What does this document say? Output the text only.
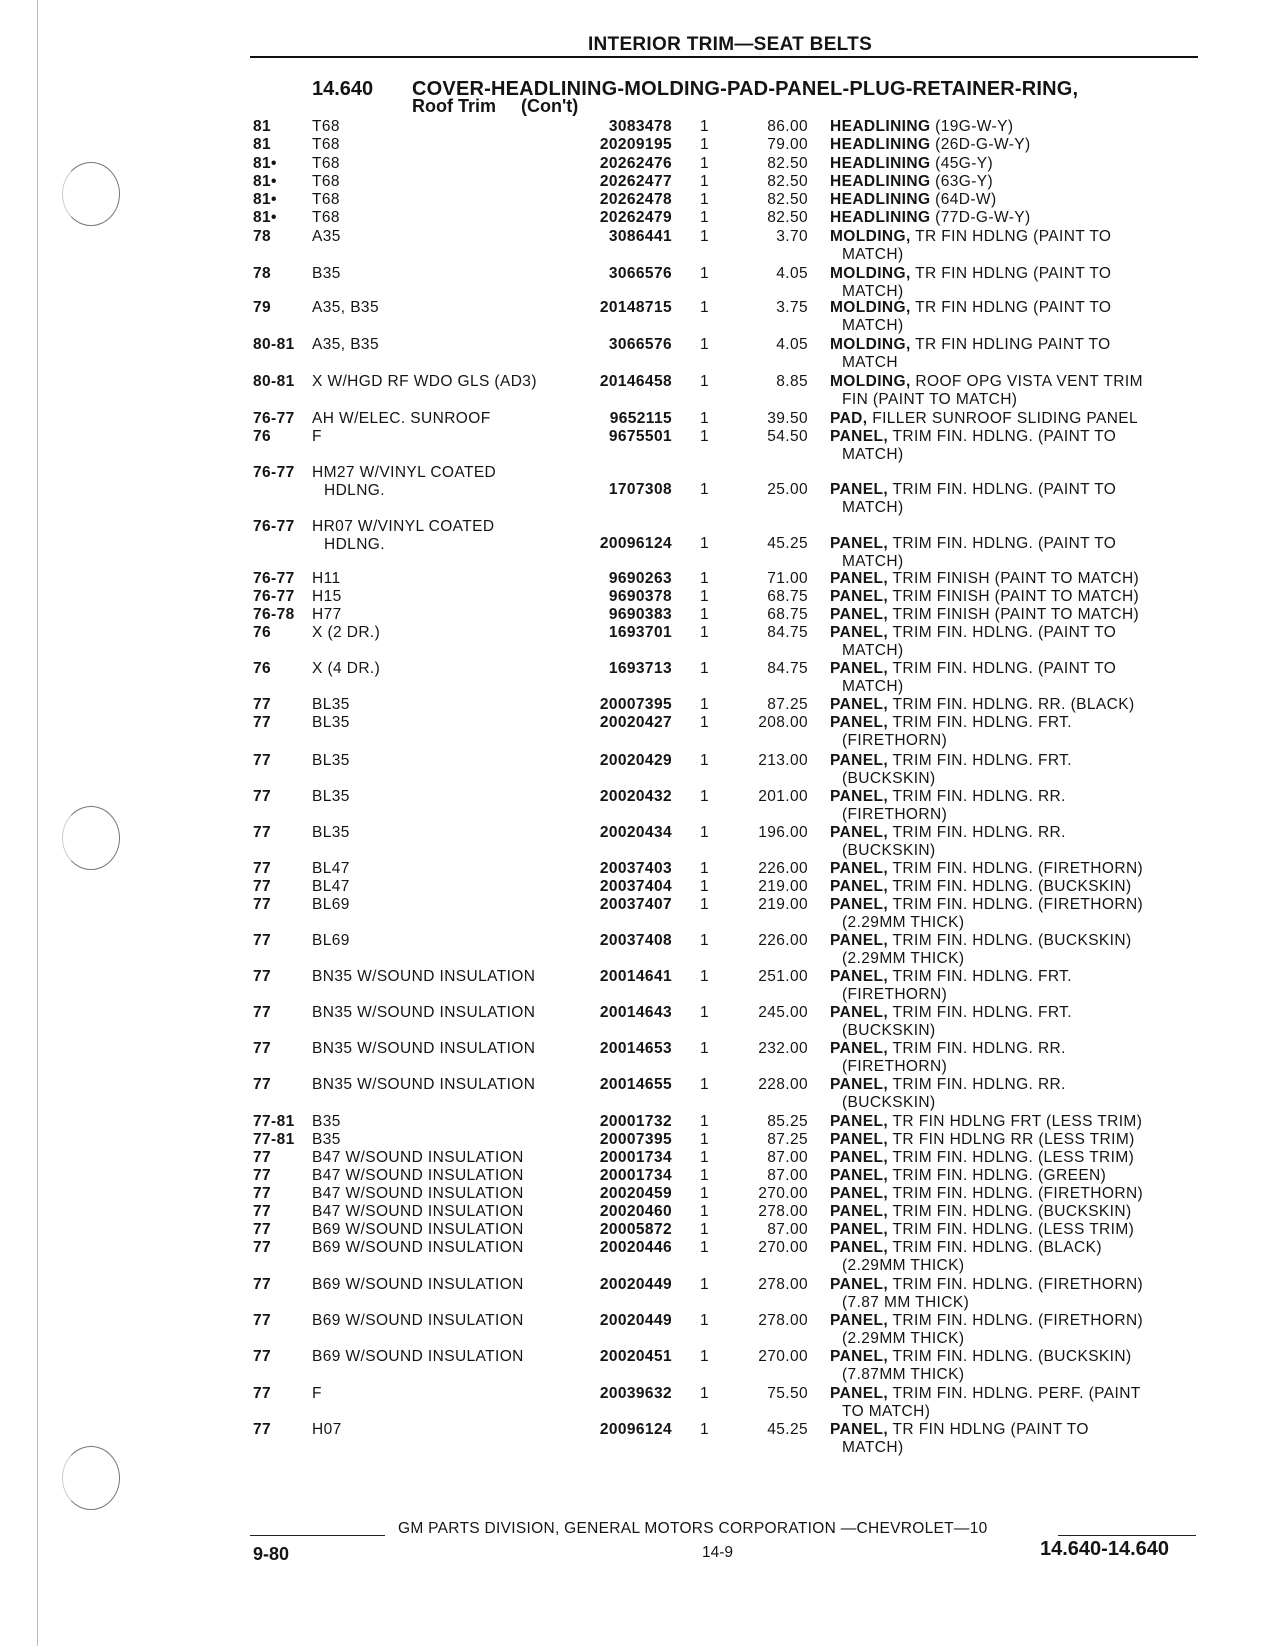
INTERIOR TRIM—SEAT BELTS
14.640 COVER-HEADLINING-MOLDING-PAD-PANEL-PLUG-RETAINER-RING,
Roof Trim     (Con't)
81	T68	3083478 1	86.00 HEADLINING (19G-W-Y)
81	T68	20209195 1	79.00 HEADLINING (26D-G-W-Y)
81• T68	20262476 1	82.50 HEADLINING (45G-Y)
81• T68	20262477 1	82.50 HEADLINING (63G-Y)
81• T68	20262478 1	82.50 HEADLINING (64D-W)
81• T68	20262479 1	82.50 HEADLINING (77D-G-W-Y)
78	A35	3086441 1	3.70 MOLDING, TR FIN HDLNG (PAINT TO
MATCH)
78	B35	3066576 1	4.05 MOLDING, TR FIN HDLNG (PAINT TO
MATCH)
79	A35, B35	20148715 1	3.75 MOLDING, TR FIN HDLNG (PAINT TO
MATCH)
80-81 A35, B35	3066576 1	4.05 MOLDING, TR FIN HDLING PAINT TO
MATCH
80-81 X W/HGD RF WDO GLS (AD3)	20146458 1	8.85 MOLDING, ROOF OPG VISTA VENT TRIM
FIN (PAINT TO MATCH)
76-77 AH W/ELEC. SUNROOF	9652115 1	39.50 PAD, FILLER SUNROOF SLIDING PANEL
76	F	9675501 1	54.50 PANEL, TRIM FIN. HDLNG. (PAINT TO
MATCH)
76-77 HM27 W/VINYL COATED
HDLNG.	1707308 1	25.00 PANEL, TRIM FIN. HDLNG. (PAINT TO
MATCH)
76-77 HR07 W/VINYL COATED
HDLNG.	20096124 1	45.25 PANEL, TRIM FIN. HDLNG. (PAINT TO
MATCH)
76-77 H11	9690263 1	71.00 PANEL, TRIM FINISH (PAINT TO MATCH)
76-77 H15	9690378 1	68.75 PANEL, TRIM FINISH (PAINT TO MATCH)
76-78 H77	9690383 1	68.75 PANEL, TRIM FINISH (PAINT TO MATCH)
76	X (2 DR.)	1693701 1	84.75 PANEL, TRIM FIN. HDLNG. (PAINT TO
MATCH)
76	X (4 DR.)	1693713 1	84.75 PANEL, TRIM FIN. HDLNG. (PAINT TO
MATCH)
77	BL35	20007395 1	87.25 PANEL, TRIM FIN. HDLNG. RR. (BLACK)
77	BL35	20020427 1	208.00 PANEL, TRIM FIN. HDLNG. FRT.
(FIRETHORN)
77	BL35	20020429 1	213.00 PANEL, TRIM FIN. HDLNG. FRT.
(BUCKSKIN)
77	BL35	20020432 1	201.00 PANEL, TRIM FIN. HDLNG. RR.
(FIRETHORN)
77	BL35	20020434 1	196.00 PANEL, TRIM FIN. HDLNG. RR.
(BUCKSKIN)
77	BL47	20037403 1	226.00 PANEL, TRIM FIN. HDLNG. (FIRETHORN)
77	BL47	20037404 1	219.00 PANEL, TRIM FIN. HDLNG. (BUCKSKIN)
77	BL69	20037407 1	219.00 PANEL, TRIM FIN. HDLNG. (FIRETHORN)
(2.29MM THICK)
77	BL69	20037408 1	226.00 PANEL, TRIM FIN. HDLNG. (BUCKSKIN)
(2.29MM THICK)
77	BN35 W/SOUND INSULATION	20014641 1	251.00 PANEL, TRIM FIN. HDLNG. FRT.
(FIRETHORN)
77	BN35 W/SOUND INSULATION	20014643 1	245.00 PANEL, TRIM FIN. HDLNG. FRT.
(BUCKSKIN)
77	BN35 W/SOUND INSULATION	20014653 1	232.00 PANEL, TRIM FIN. HDLNG. RR.
(FIRETHORN)
77	BN35 W/SOUND INSULATION	20014655 1	228.00 PANEL, TRIM FIN. HDLNG. RR.
(BUCKSKIN)
77-81 B35	20001732 1	85.25 PANEL, TR FIN HDLNG FRT (LESS TRIM)
77-81 B35	20007395 1	87.25 PANEL, TR FIN HDLNG RR (LESS TRIM)
77	B47 W/SOUND INSULATION	20001734 1	87.00 PANEL, TRIM FIN. HDLNG. (LESS TRIM)
77	B47 W/SOUND INSULATION	20001734 1	87.00 PANEL, TRIM FIN. HDLNG. (GREEN)
77	B47 W/SOUND INSULATION	20020459 1	270.00 PANEL, TRIM FIN. HDLNG. (FIRETHORN)
77	B47 W/SOUND INSULATION	20020460 1	278.00 PANEL, TRIM FIN. HDLNG. (BUCKSKIN)
77	B69 W/SOUND INSULATION	20005872 1	87.00 PANEL, TRIM FIN. HDLNG. (LESS TRIM)
77	B69 W/SOUND INSULATION	20020446 1	270.00 PANEL, TRIM FIN. HDLNG. (BLACK)
(2.29MM THICK)
77	B69 W/SOUND INSULATION	20020449 1	278.00 PANEL, TRIM FIN. HDLNG. (FIRETHORN)
(7.87 MM THICK)
77	B69 W/SOUND INSULATION	20020449 1	278.00 PANEL, TRIM FIN. HDLNG. (FIRETHORN)
(2.29MM THICK)
77	B69 W/SOUND INSULATION	20020451 1	270.00 PANEL, TRIM FIN. HDLNG. (BUCKSKIN)
(7.87MM THICK)
77	F	20039632 1	75.50 PANEL, TRIM FIN. HDLNG. PERF. (PAINT
TO MATCH)
77	H07	20096124 1	45.25 PANEL, TR FIN HDLNG (PAINT TO
MATCH)
GM PARTS DIVISION, GENERAL MOTORS CORPORATION —CHEVROLET—10
9-80	14-9	14.640-14.640
